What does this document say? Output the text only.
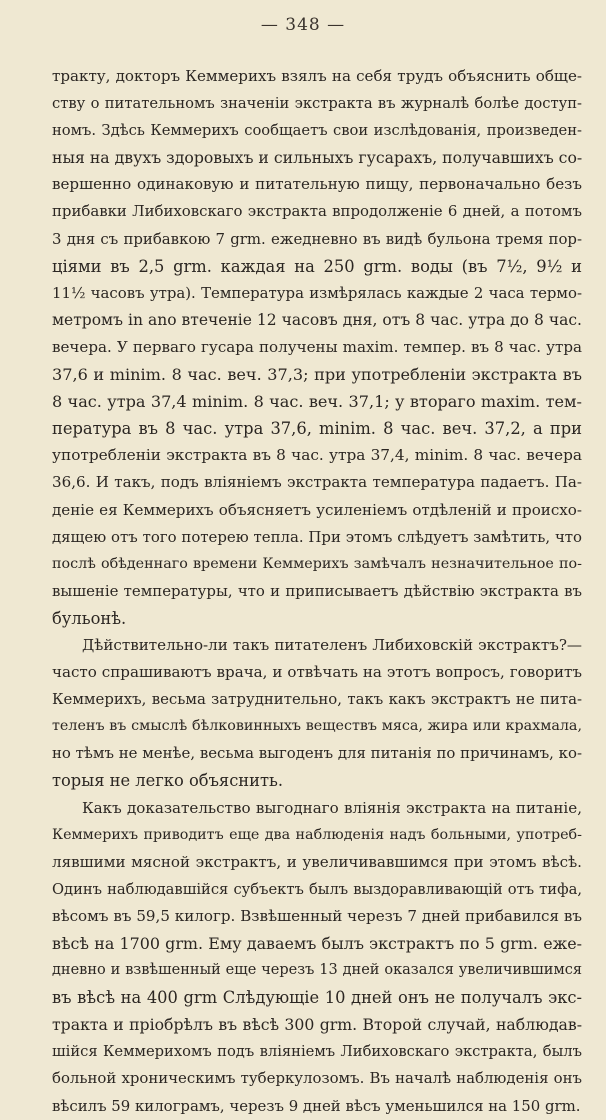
— 348 —
тракту, докторъ Кеммерихъ взялъ на себя трудъ объяснить обще-
ству о питательномъ значеніи экстракта въ журналѣ болѣе доступ-
номъ. Здѣсь Кеммерихъ сообщаетъ свои изслѣдованія, произведен-
ныя на двухъ здоровыхъ и сильныхъ гусарахъ, получавшихъ со-
вершенно одинаковую и питательную пищу, первоначально безъ
прибавки Либиховскаго экстракта впродолженіе 6 дней, а потомъ
3 дня съ прибавкою 7 grm. ежедневно въ видѣ бульона тремя пор-
ціями въ 2,5 grm. каждая на 250 grm. воды (въ 7½, 9½ и
11½ часовъ утра). Температура измѣрялась каждые 2 часа термо-
метромъ in ano втеченіе 12 часовъ дня, отъ 8 час. утра до 8 час.
вечера. У перваго гусара получены maxim. темпер. въ 8 час. утра
37,6 и minim. 8 час. веч. 37,3; при употребленіи экстракта въ
8 час. утра 37,4 minim. 8 час. веч. 37,1; у втораго maxim. тем-
пература въ 8 час. утра 37,6, minim. 8 час. веч. 37,2, а при
употребленіи экстракта въ 8 час. утра 37,4, minim. 8 час. вечера
36,6. И такъ, подъ вліяніемъ экстракта температура падаетъ. Па-
деніе ея Кеммерихъ объясняетъ усиленіемъ отдѣленій и происхо-
дящею отъ того потерею тепла. При этомъ слѣдуетъ замѣтить, что
послѣ обѣденнаго времени Кеммерихъ замѣчалъ незначительное по-
вышеніе температуры, что и приписываетъ дѣйствію экстракта въ
бульонѣ.
Дѣйствительно-ли такъ питателенъ Либиховскій экстрактъ?—
часто спрашиваютъ врача, и отвѣчать на этотъ вопросъ, говоритъ
Кеммерихъ, весьма затруднительно, такъ какъ экстрактъ не пита-
теленъ въ смыслѣ бѣлковинныхъ веществъ мяса, жира или крахмала,
но тѣмъ не менѣе, весьма выгоденъ для питанія по причинамъ, ко-
торыя не легко объяснить.
Какъ доказательство выгоднаго вліянія экстракта на питаніе,
Кеммерихъ приводитъ еще два наблюденія надъ больными, употреб-
лявшими мясной экстрактъ, и увеличивавшимся при этомъ вѣсѣ.
Одинъ наблюдавшійся субъектъ былъ выздоравливающій отъ тифа,
вѣсомъ въ 59,5 килогр. Взвѣшенный черезъ 7 дней прибавился въ
вѣсѣ на 1700 grm. Ему даваемъ былъ экстрактъ по 5 grm. еже-
дневно и взвѣшенный еще черезъ 13 дней оказался увеличившимся
въ вѣсѣ на 400 grm Слѣдующіе 10 дней онъ не получалъ экс-
тракта и пріобрѣлъ въ вѣсѣ 300 grm. Второй случай, наблюдав-
шійся Кеммерихомъ подъ вліяніемъ Либиховскаго экстракта, былъ
больной хроническимъ туберкулозомъ. Въ началѣ наблюденія онъ
вѣсилъ 59 килограмъ, черезъ 9 дней вѣсъ уменьшился на 150 grm.
